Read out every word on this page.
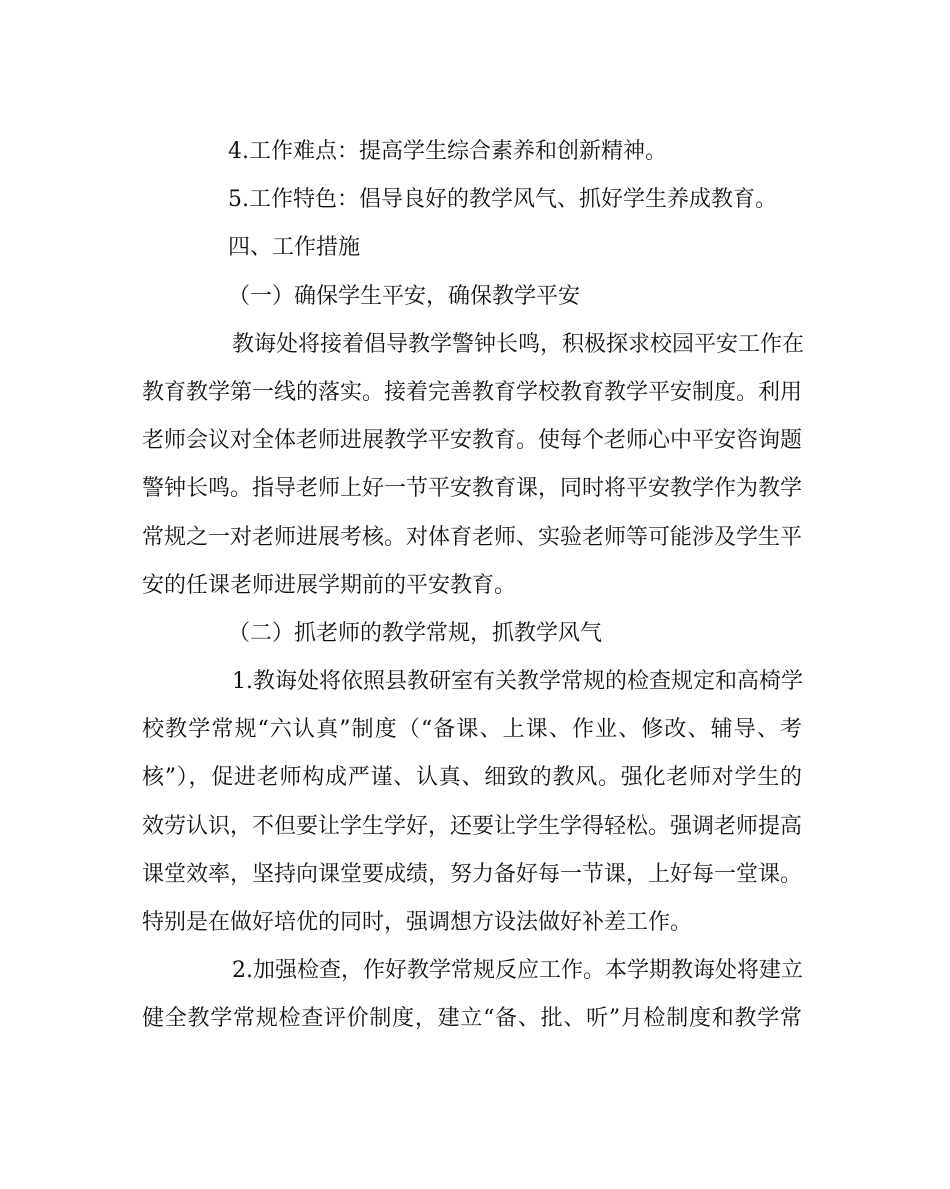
4.工作难点：提高学生综合素养和创新精神。
5.工作特色：倡导良好的教学风气、抓好学生养成教育。
四、工作措施
（一）确保学生平安，确保教学平安
教诲处将接着倡导教学警钟长鸣，积极探求校园平安工作在
教育教学第一线的落实。接着完善教育学校教育教学平安制度。利用
老师会议对全体老师进展教学平安教育。使每个老师心中平安咨询题
警钟长鸣。指导老师上好一节平安教育课，同时将平安教学作为教学
常规之一对老师进展考核。对体育老师、实验老师等可能涉及学生平
安的任课老师进展学期前的平安教育。
（二）抓老师的教学常规，抓教学风气
1.教诲处将依照县教研室有关教学常规的检查规定和高椅学
校教学常规“六认真”制度（“备课、上课、作业、修改、辅导、考
核”），促进老师构成严谨、认真、细致的教风。强化老师对学生的
效劳认识，不但要让学生学好，还要让学生学得轻松。强调老师提高
课堂效率，坚持向课堂要成绩，努力备好每一节课，上好每一堂课。
特别是在做好培优的同时，强调想方设法做好补差工作。
2.加强检查，作好教学常规反应工作。本学期教诲处将建立
健全教学常规检查评价制度，建立“备、批、听”月检制度和教学常
